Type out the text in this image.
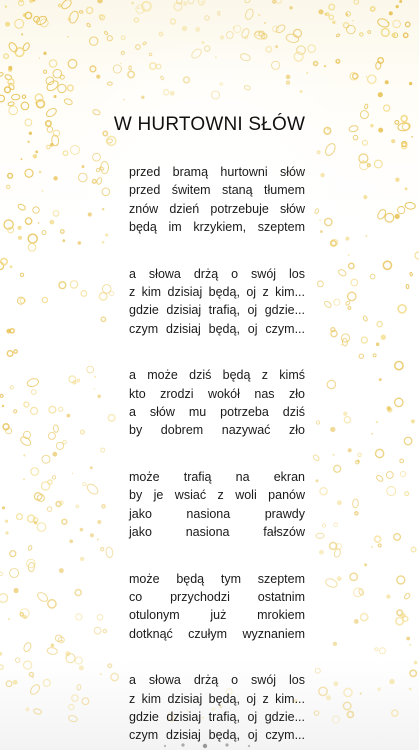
W HURTOWNI SŁÓW
przed bramą hurtowni słów
przed świtem staną tłumem
znów dzień potrzebuje słów
będą im krzykiem, szeptem
a słowa drżą o swój los
z kim dzisiaj będą, oj z kim...
gdzie dzisiaj trafią, oj gdzie...
czym dzisiaj będą, oj czym...
a może dziś będą z kimś
kto zrodzi wokół nas zło
a słów mu potrzeba dziś
by dobrem nazywać zło
może trafią na ekran
by je wsiać z woli panów
jako nasiona prawdy
jako nasiona fałszów
może będą tym szeptem
co przychodzi ostatnim
otulonym już mrokiem
dotknąć czułym wyznaniem
a słowa drżą o swój los
z kim dzisiaj będą, oj z kim...
gdzie dzisiaj trafią, oj gdzie...
czym dzisiaj będą, oj czym...
